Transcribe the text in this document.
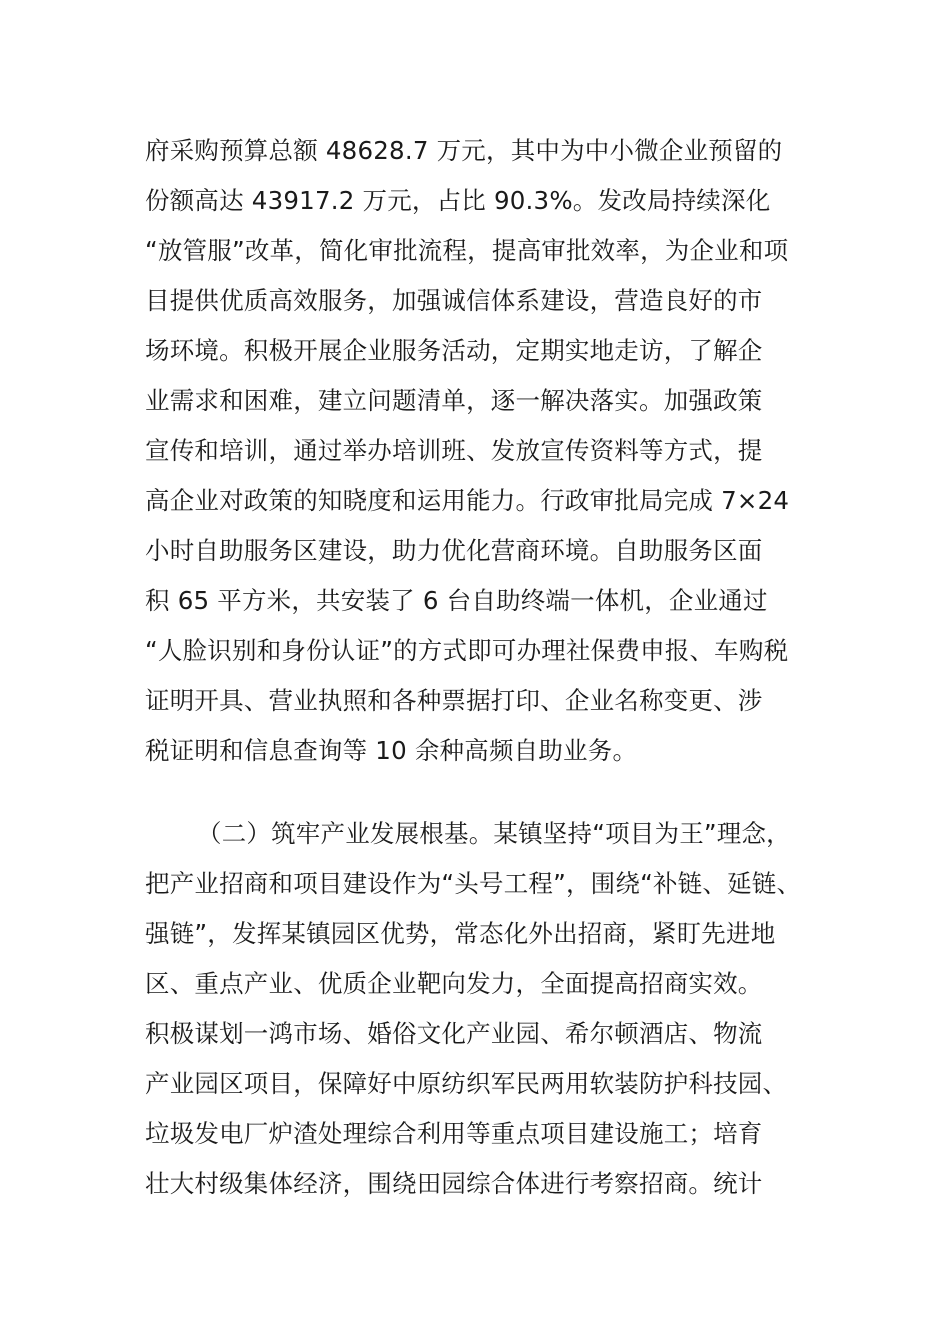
府采购预算总额 48628.7 万元，其中为中小微企业预留的
份额高达 43917.2 万元，占比 90.3%。发改局持续深化
“放管服”改革，简化审批流程，提高审批效率，为企业和项
目提供优质高效服务，加强诚信体系建设，营造良好的市
场环境。积极开展企业服务活动，定期实地走访，了解企
业需求和困难，建立问题清单，逐一解决落实。加强政策
宣传和培训，通过举办培训班、发放宣传资料等方式，提
高企业对政策的知晓度和运用能力。行政审批局完成 7×24
小时自助服务区建设，助力优化营商环境。自助服务区面
积 65 平方米，共安装了 6 台自助终端一体机，企业通过
“人脸识别和身份认证”的方式即可办理社保费申报、车购税
证明开具、营业执照和各种票据打印、企业名称变更、涉
税证明和信息查询等 10 余种高频自助业务。
（二）筑牢产业发展根基。某镇坚持“项目为王”理念，
把产业招商和项目建设作为“头号工程”，围绕“补链、延链、
强链”，发挥某镇园区优势，常态化外出招商，紧盯先进地
区、重点产业、优质企业靶向发力，全面提高招商实效。
积极谋划一鸿市场、婚俗文化产业园、希尔顿酒店、物流
产业园区项目，保障好中原纺织军民两用软装防护科技园、
垃圾发电厂炉渣处理综合利用等重点项目建设施工；培育
壮大村级集体经济，围绕田园综合体进行考察招商。统计
